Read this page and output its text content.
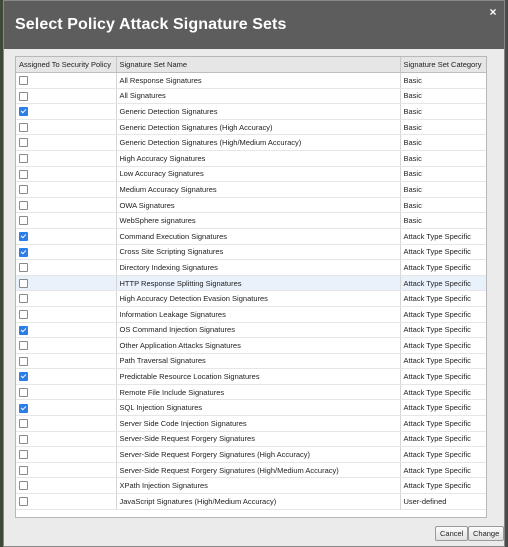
Select Policy Attack Signature Sets
×
Assigned To Security Policy	Signature Set Name	Signature Set Category
	All Response Signatures	Basic
	All Signatures	Basic
	Generic Detection Signatures	Basic
	Generic Detection Signatures (High Accuracy)	Basic
	Generic Detection Signatures (High/Medium Accuracy)	Basic
	High Accuracy Signatures	Basic
	Low Accuracy Signatures	Basic
	Medium Accuracy Signatures	Basic
	OWA Signatures	Basic
	WebSphere signatures	Basic
	Command Execution Signatures	Attack Type Specific
	Cross Site Scripting Signatures	Attack Type Specific
	Directory Indexing Signatures	Attack Type Specific
	HTTP Response Splitting Signatures	Attack Type Specific
	High Accuracy Detection Evasion Signatures	Attack Type Specific
	Information Leakage Signatures	Attack Type Specific
	OS Command Injection Signatures	Attack Type Specific
	Other Application Attacks Signatures	Attack Type Specific
	Path Traversal Signatures	Attack Type Specific
	Predictable Resource Location Signatures	Attack Type Specific
	Remote File Include Signatures	Attack Type Specific
	SQL Injection Signatures	Attack Type Specific
	Server Side Code Injection Signatures	Attack Type Specific
	Server-Side Request Forgery Signatures	Attack Type Specific
	Server-Side Request Forgery Signatures (High Accuracy)	Attack Type Specific
	Server-Side Request Forgery Signatures (High/Medium Accuracy)	Attack Type Specific
	XPath Injection Signatures	Attack Type Specific
	JavaScript Signatures (High/Medium Accuracy)	User-defined
Cancel	Change
